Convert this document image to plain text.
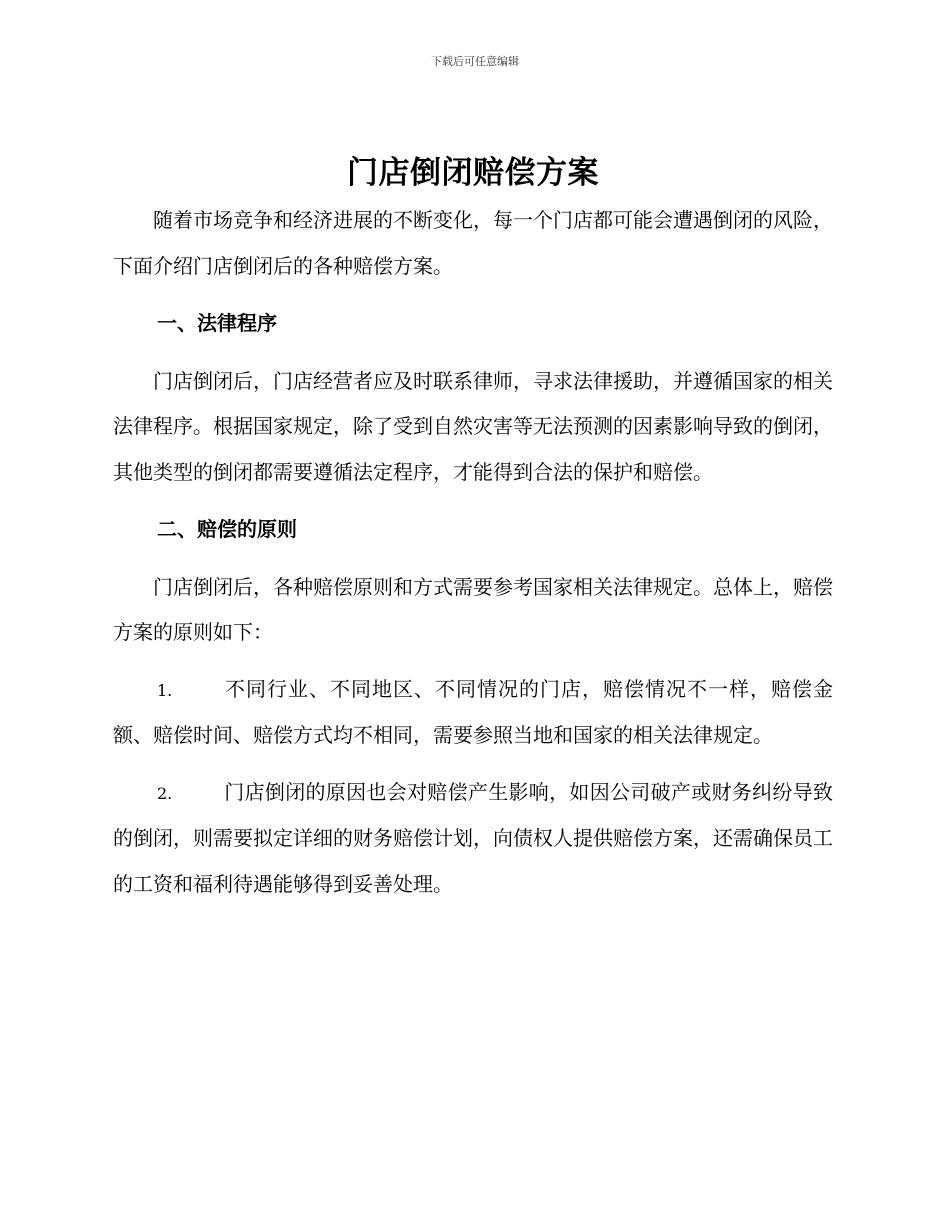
下载后可任意编辑
门店倒闭赔偿方案

随着市场竞争和经济进展的不断变化，每一个门店都可能会遭遇倒闭的风险，下面介绍门店倒闭后的各种赔偿方案。

一、法律程序

门店倒闭后，门店经营者应及时联系律师，寻求法律援助，并遵循国家的相关法律程序。根据国家规定，除了受到自然灾害等无法预测的因素影响导致的倒闭，其他类型的倒闭都需要遵循法定程序，才能得到合法的保护和赔偿。

二、赔偿的原则

门店倒闭后，各种赔偿原则和方式需要参考国家相关法律规定。总体上，赔偿方案的原则如下：

1.	不同行业、不同地区、不同情况的门店，赔偿情况不一样，赔偿金额、赔偿时间、赔偿方式均不相同，需要参照当地和国家的相关法律规定。

2.	门店倒闭的原因也会对赔偿产生影响，如因公司破产或财务纠纷导致的倒闭，则需要拟定详细的财务赔偿计划，向债权人提供赔偿方案，还需确保员工的工资和福利待遇能够得到妥善处理。
